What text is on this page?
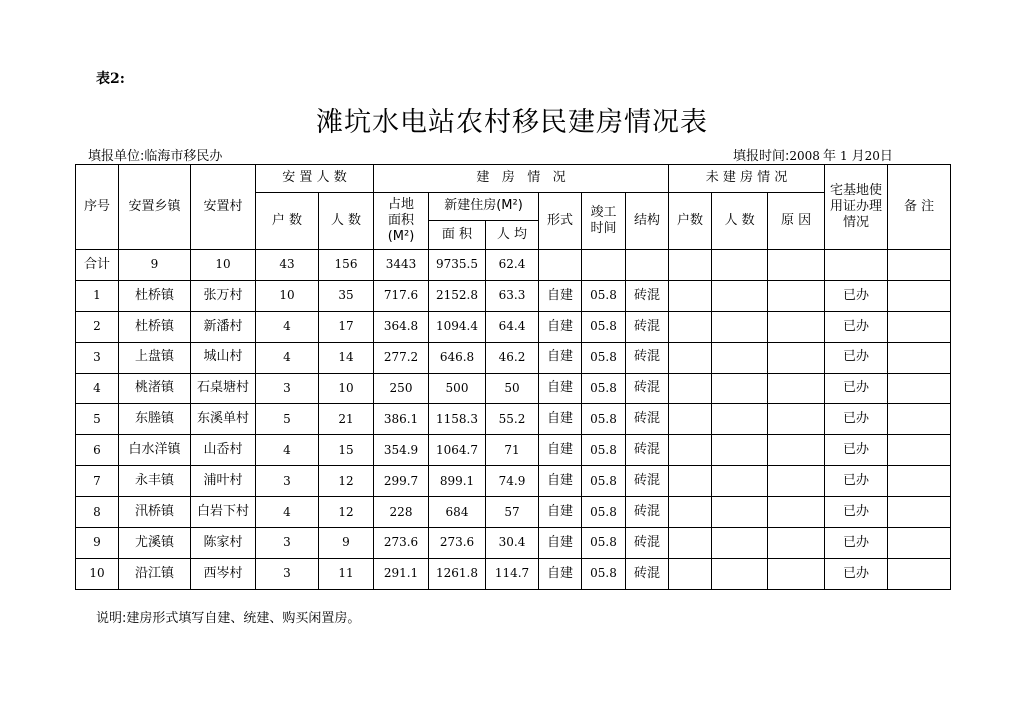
表2:
滩坑水电站农村移民建房情况表
填报单位:临海市移民办	填报时间:2008 年 1 月20日
序号	安置乡镇	安置村	安 置 人 数		建   房   情   况						未 建 房 情 况			宅基地使用证办理情况	备 注
			户 数	人 数	占地面积(M²)	新建住房(M²)		形式	竣工时间	结构	户数	人 数	原 因		
						面 积	人 均								
合计	9	10	43	156	3443	9735.5	62.4								
1	杜桥镇	张万村	10	35	717.6	2152.8	63.3	自建	05.8	砖混				已办	
2	杜桥镇	新潘村	4	17	364.8	1094.4	64.4	自建	05.8	砖混				已办	
3	上盘镇	城山村	4	14	277.2	646.8	46.2	自建	05.8	砖混				已办	
4	桃渚镇	石桌塘村	3	10	250	500	50	自建	05.8	砖混				已办	
5	东塍镇	东溪单村	5	21	386.1	1158.3	55.2	自建	05.8	砖混				已办	
6	白水洋镇	山岙村	4	15	354.9	1064.7	71	自建	05.8	砖混				已办	
7	永丰镇	浦叶村	3	12	299.7	899.1	74.9	自建	05.8	砖混				已办	
8	汛桥镇	白岩下村	4	12	228	684	57	自建	05.8	砖混				已办	
9	尤溪镇	陈家村	3	9	273.6	273.6	30.4	自建	05.8	砖混				已办	
10	沿江镇	西岑村	3	11	291.1	1261.8	114.7	自建	05.8	砖混				已办	
说明:建房形式填写自建、统建、购买闲置房。
